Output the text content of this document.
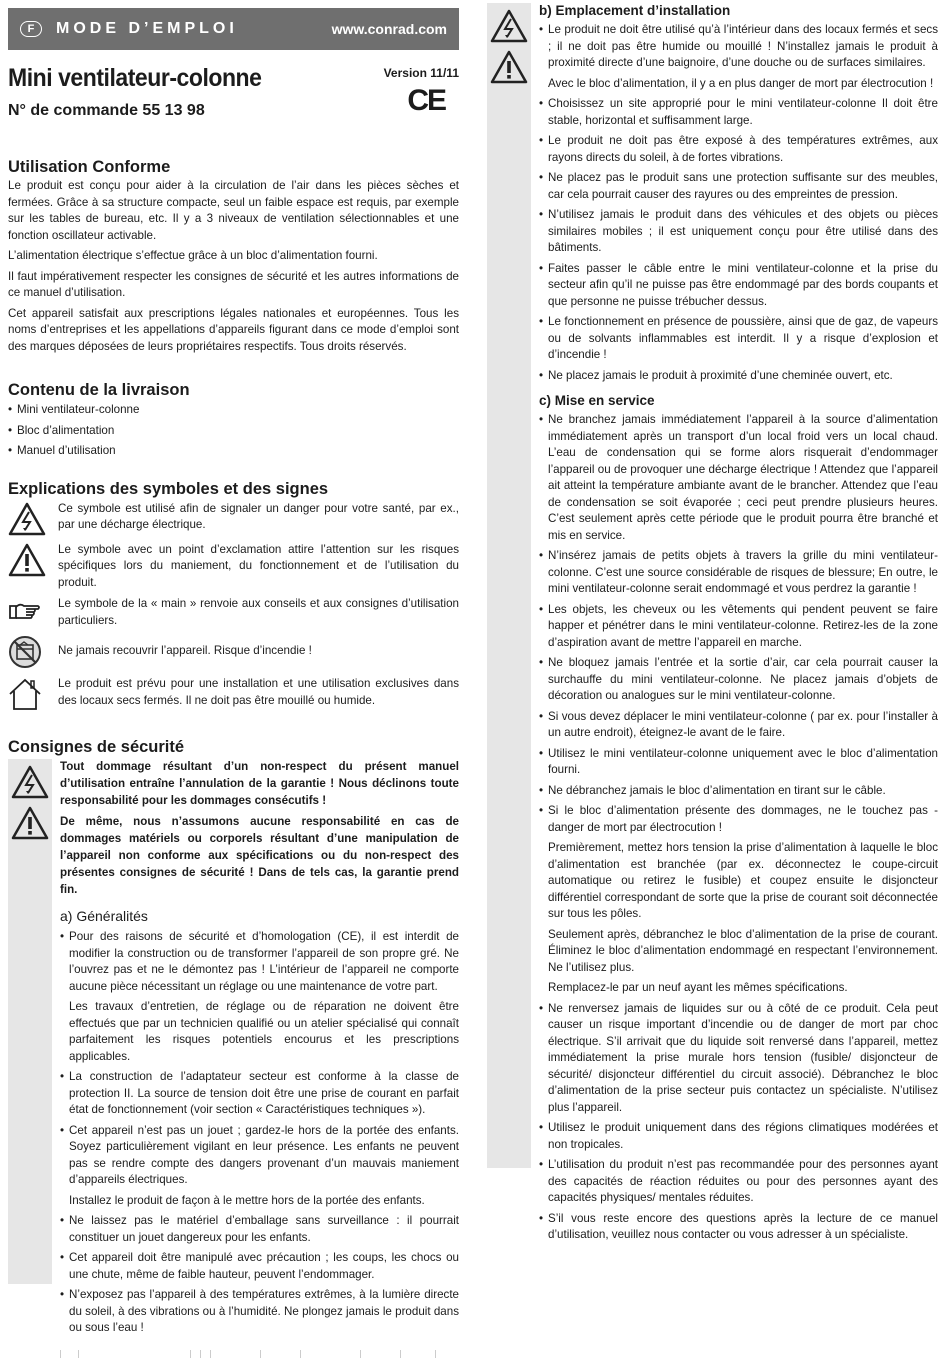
F	MODE D’EMPLOI	www.conrad.com
Mini ventilateur-colonne
N° de commande 55 13 98
Version 11/11
CE
Utilisation Conforme

Le produit est conçu pour aider à la circulation de l’air dans les pièces sèches et fermées. Grâce à sa structure compacte, seul un faible espace est requis, par exemple sur les tables de bureau, etc. Il y a 3 niveaux de ventilation sélectionnables et une fonction oscillateur activable.

L’alimentation électrique s’effectue grâce à un bloc d’alimentation fourni.

Il faut impérativement respecter les consignes de sécurité et les autres informations de ce manuel d’utilisation.

Cet appareil satisfait aux prescriptions légales nationales et européennes. Tous les noms d’entreprises et les appellations d’appareils figurant dans ce mode d’emploi sont des marques déposées de leurs propriétaires respectifs. Tous droits réservés.

Contenu de la livraison
• Mini ventilateur-colonne
• Bloc d’alimentation
• Manuel d’utilisation
Explications des symboles et des signes
Ce symbole est utilisé afin de signaler un danger pour votre santé, par ex., par une décharge électrique.
Le symbole avec un point d’exclamation attire l’attention sur les risques spécifiques lors du maniement, du fonctionnement et de l’utilisation du produit.
Le symbole de la « main » renvoie aux conseils et aux consignes d’utilisation particuliers.
Ne jamais recouvrir l’appareil. Risque d’incendie !
Le produit est prévu pour une installation et une utilisation exclusives dans des locaux secs fermés. Il ne doit pas être mouillé ou humide.
Consignes de sécurité
Tout dommage résultant d’un non-respect du présent manuel d’utilisation entraîne l’annulation de la garantie ! Nous déclinons toute responsabilité pour les dommages consécutifs !
De même, nous n’assumons aucune responsabilité en cas de dommages matériels ou corporels résultant d’une manipulation de l’appareil non conforme aux spécifications ou du non-respect des présentes consignes de sécurité ! Dans de tels cas, la garantie prend fin.
a) Généralités
• Pour des raisons de sécurité et d’homologation (CE), il est interdit de modifier la construction ou de transformer l’appareil de son propre gré. Ne l’ouvrez pas et ne le démontez pas ! L’intérieur de l’appareil ne comporte aucune pièce nécessitant un réglage ou une maintenance de votre part.

Les travaux d’entretien, de réglage ou de réparation ne doivent être effectués que par un technicien qualifié ou un atelier spécialisé qui connaît parfaitement les risques potentiels encourus et les prescriptions applicables.

• La construction de l’adaptateur secteur est conforme à la classe de protection II. La source de tension doit être une prise de courant en parfait état de fonctionnement (voir section « Caractéristiques techniques »).
• Cet appareil n’est pas un jouet ; gardez-le hors de la portée des enfants. Soyez particulièrement vigilant en leur présence. Les enfants ne peuvent pas se rendre compte des dangers provenant d’un mauvais maniement d’appareils électriques.

Installez le produit de façon à le mettre hors de la portée des enfants.

• Ne laissez pas le matériel d’emballage sans surveillance : il pourrait constituer un jouet dangereux pour les enfants.
• Cet appareil doit être manipulé avec précaution ; les coups, les chocs ou une chute, même de faible hauteur, peuvent l’endommager.
• N’exposez pas l’appareil à des températures extrêmes, à la lumière directe du soleil, à des vibrations ou à l’humidité. Ne plongez jamais le produit dans ou sous l’eau !
b) Emplacement d’installation
• Le produit ne doit être utilisé qu’à l’intérieur dans des locaux fermés et secs ; il ne doit pas être humide ou mouillé ! N’installez jamais le produit à proximité directe d’une baignoire, d’une douche ou de surfaces similaires.

Avec le bloc d’alimentation, il y a en plus danger de mort par électrocution !

• Choisissez un site approprié pour le mini ventilateur-colonne Il doit être stable, horizontal et suffisamment large.
• Le produit ne doit pas être exposé à des températures extrêmes, aux rayons directs du soleil, à de fortes vibrations.
• Ne placez pas le produit sans une protection suffisante sur des meubles, car cela pourrait causer des rayures ou des empreintes de pression.
• N’utilisez jamais le produit dans des véhicules et des objets ou pièces similaires mobiles ; il est uniquement conçu pour être utilisé dans des bâtiments.
• Faites passer le câble entre le mini ventilateur-colonne et la prise du secteur afin qu’il ne puisse pas être endommagé par des bords coupants et que personne ne puisse trébucher dessus.
• Le fonctionnement en présence de poussière, ainsi que de gaz, de vapeurs ou de solvants inflammables est interdit. Il y a risque d’explosion et d’incendie !
• Ne placez jamais le produit à proximité d’une cheminée ouvert, etc.
c) Mise en service
• Ne branchez jamais immédiatement l’appareil à la source d’alimentation immédiatement après un transport d’un local froid vers un local chaud. L’eau de condensation qui se forme alors risquerait d’endommager l’appareil ou de provoquer une décharge électrique ! Attendez que l’appareil ait atteint la température ambiante avant de le brancher. Attendez que l’eau de condensation se soit évaporée ; ceci peut prendre plusieurs heures. C’est seulement après cette période que le produit pourra être branché et mis en service.
• N’insérez jamais de petits objets à travers la grille du mini ventilateur-colonne. C’est une source considérable de risques de blessure; En outre, le mini ventilateur-colonne serait endommagé et vous perdrez la garantie !
• Les objets, les cheveux ou les vêtements qui pendent peuvent se faire happer et pénétrer dans le mini ventilateur-colonne. Retirez-les de la zone d’aspiration avant de mettre l’appareil en marche.
• Ne bloquez jamais l’entrée et la sortie d’air, car cela pourrait causer la surchauffe du mini ventilateur-colonne. Ne placez jamais d’objets de décoration ou analogues sur le mini ventilateur-colonne.
• Si vous devez déplacer le mini ventilateur-colonne ( par ex. pour l’installer à un autre endroit), éteignez-le avant de le faire.
• Utilisez le mini ventilateur-colonne uniquement avec le bloc d’alimentation fourni.
• Ne débranchez jamais le bloc d’alimentation en tirant sur le câble.
• Si le bloc d’alimentation présente des dommages, ne le touchez pas - danger de mort par électrocution !

Premièrement, mettez hors tension la prise d’alimentation à laquelle le bloc d’alimentation est branchée (par ex. déconnectez le coupe-circuit automatique ou retirez le fusible) et coupez ensuite le disjoncteur différentiel correspondant de sorte que la prise de courant soit déconnectée sur tous les pôles.

Seulement après, débranchez le bloc d’alimentation de la prise de courant. Éliminez le bloc d’alimentation endommagé en respectant l’environnement. Ne l’utilisez plus.

Remplacez-le par un neuf ayant les mêmes spécifications.

• Ne renversez jamais de liquides sur ou à côté de ce produit. Cela peut causer un risque important d’incendie ou de danger de mort par choc électrique. S’il arrivait que du liquide soit renversé dans l’appareil, mettez immédiatement la prise murale hors tension (fusible/ disjoncteur de sécurité/ disjoncteur différentiel du circuit associé). Débranchez le bloc d’alimentation de la prise secteur puis contactez un spécialiste. N’utilisez plus l’appareil.
• Utilisez le produit uniquement dans des régions climatiques modérées et non tropicales.
• L’utilisation du produit n’est pas recommandée pour des personnes ayant des capacités de réaction réduites ou pour des personnes ayant des capacités physiques/ mentales réduites.
• S’il vous reste encore des questions après la lecture de ce manuel d’utilisation, veuillez nous contacter ou vous adresser à un spécialiste.
